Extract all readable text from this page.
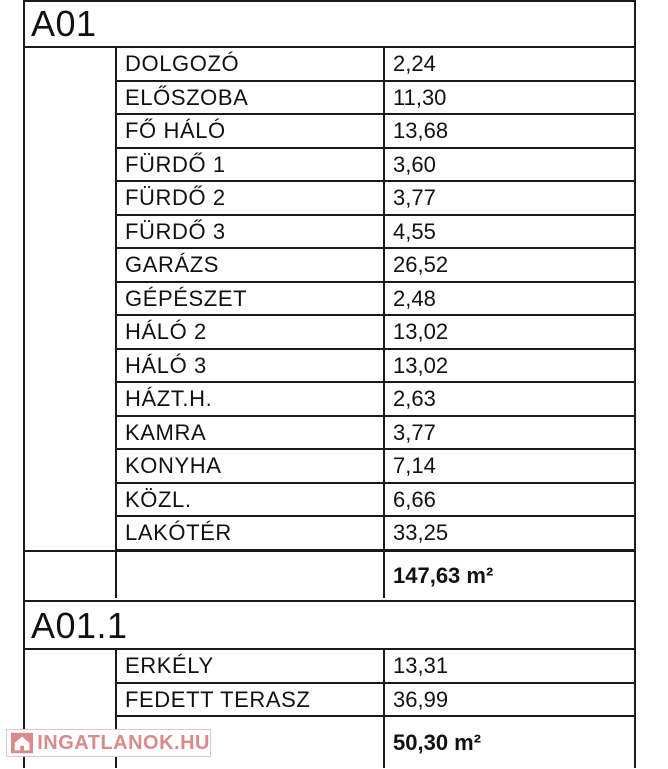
A01
DOLGOZÓ	2,24
ELŐSZOBA	11,30
FŐ HÁLÓ	13,68
FÜRDŐ 1	3,60
FÜRDŐ 2	3,77
FÜRDŐ 3	4,55
GARÁZS	26,52
GÉPÉSZET	2,48
HÁLÓ 2	13,02
HÁLÓ 3	13,02
HÁZT.H.	2,63
KAMRA	3,77
KONYHA	7,14
KÖZL.	6,66
LAKÓTÉR	33,25
147,63 m²
A01.1
ERKÉLY	13,31
FEDETT TERASZ	36,99
50,30 m²
INGATLANOK.HU
